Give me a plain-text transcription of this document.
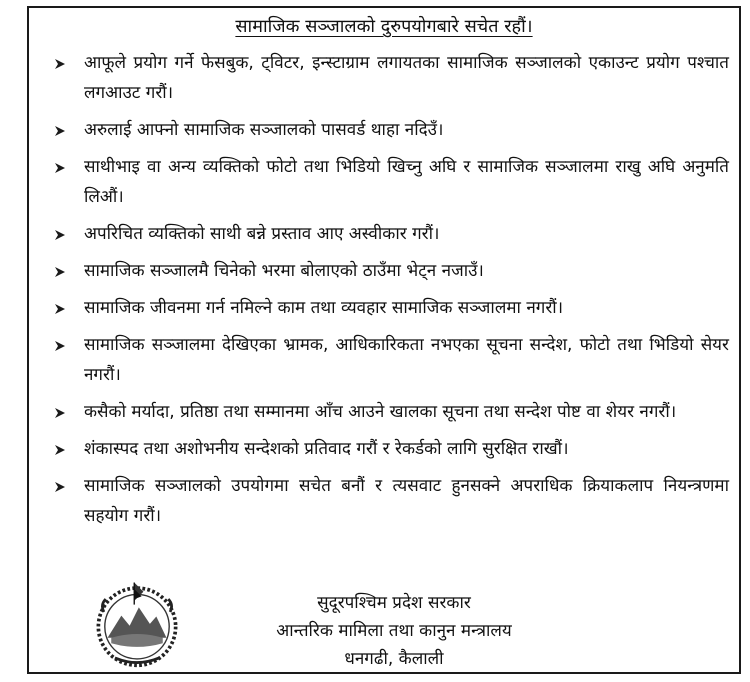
सामाजिक सञ्जालको दुरुपयोगबारे सचेत रहौं।
आफूले प्रयोग गर्ने फेसबुक, ट्विटर, इन्स्टाग्राम लगायतका सामाजिक सञ्जालको एकाउन्ट प्रयोग पश्चात लगआउट गरौं।
अरुलाई आफ्नो सामाजिक सञ्जालको पासवर्ड थाहा नदिउँ।
साथीभाइ वा अन्य व्यक्तिको फोटो तथा भिडियो खिच्नु अघि र सामाजिक सञ्जालमा राखु अघि अनुमति लिऔं।
अपरिचित व्यक्तिको साथी बन्ने प्रस्ताव आए अस्वीकार गरौं।
सामाजिक सञ्जालमै चिनेको भरमा बोलाएको ठाउँमा भेट्न नजाउँ।
सामाजिक जीवनमा गर्न नमिल्ने काम तथा व्यवहार सामाजिक सञ्जालमा नगरौं।
सामाजिक सञ्जालमा देखिएका भ्रामक, आधिकारिकता नभएका सूचना सन्देश, फोटो तथा भिडियो सेयर नगरौं।
कसैको मर्यादा, प्रतिष्ठा तथा सम्मानमा आँच आउने खालका सूचना तथा सन्देश पोष्ट वा शेयर नगरौं।
शंकास्पद तथा अशोभनीय सन्देशको प्रतिवाद गरौं र रेकर्डको लागि सुरक्षित राखौं।
सामाजिक सञ्जालको उपयोगमा सचेत बनौं र त्यसवाट हुनसक्ने अपराधिक क्रियाकलाप नियन्त्रणमा सहयोग गरौं।
सुदूरपश्चिम प्रदेश सरकार
आन्तरिक मामिला तथा कानुन मन्त्रालय
धनगढी, कैलाली
